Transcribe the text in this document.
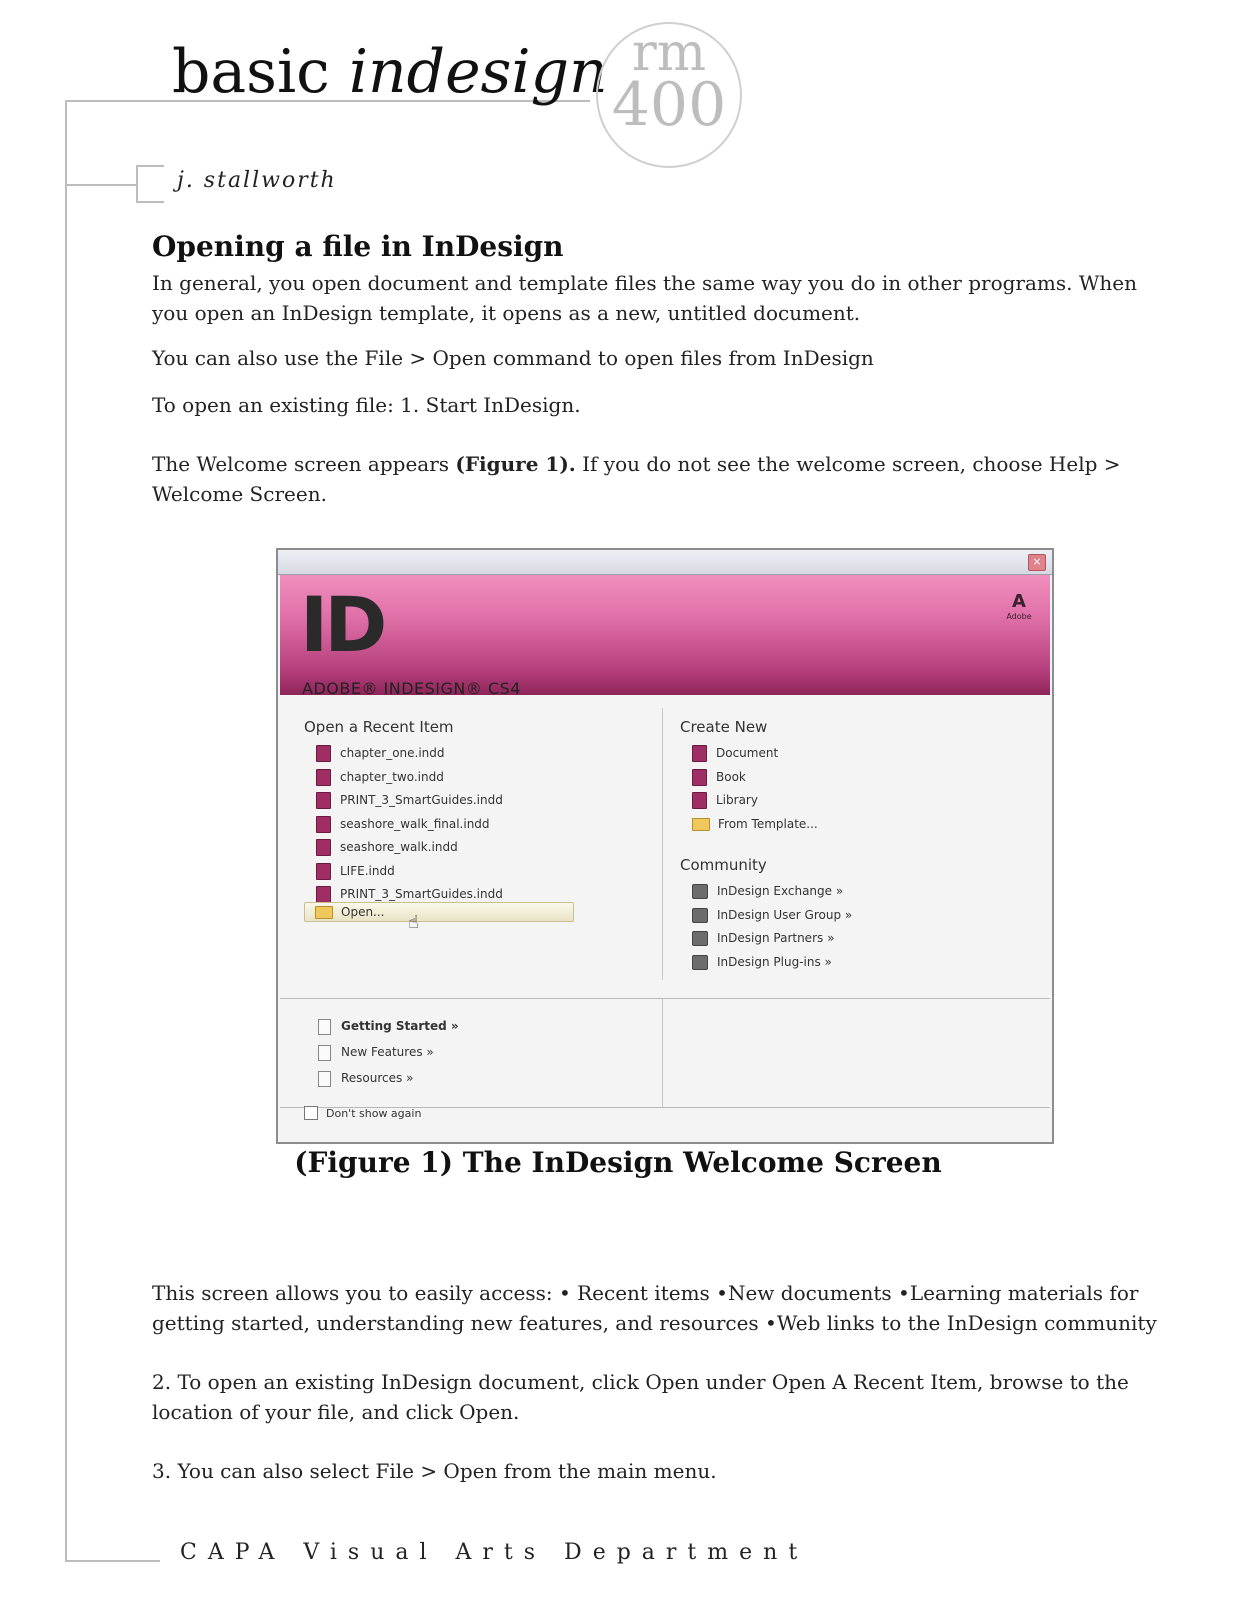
basic indesign rm
400
j. stallworth
Opening a file in InDesign
In general, you open document and template files the same way you do in other programs. When you open an InDesign template, it opens as a new, untitled document.
You can also use the File > Open command to open files from InDesign
To open an existing file: 1. Start InDesign.
The Welcome screen appears (Figure 1). If you do not see the welcome screen, choose Help > Welcome Screen.
×
ID
ADOBE® INDESIGN® CS4
A
Adobe
Open a Recent Item
chapter_one.indd
chapter_two.indd
PRINT_3_SmartGuides.indd
seashore_walk_final.indd
seashore_walk.indd
LIFE.indd
PRINT_3_SmartGuides.indd
Open... ☝
Create New
Document
Book
Library
From Template...
Community
InDesign Exchange »
InDesign User Group »
InDesign Partners »
InDesign Plug-ins »
Getting Started »
New Features »
Resources »
Don't show again
(Figure 1) The InDesign Welcome Screen
This screen allows you to easily access: • Recent items •New documents •Learning materials for getting started, understanding new features, and resources •Web links to the InDesign community
2. To open an existing InDesign document, click Open under Open A Recent Item, browse to the location of your file, and click Open.
3. You can also select File > Open from the main menu.
CAPA Visual Arts Department
